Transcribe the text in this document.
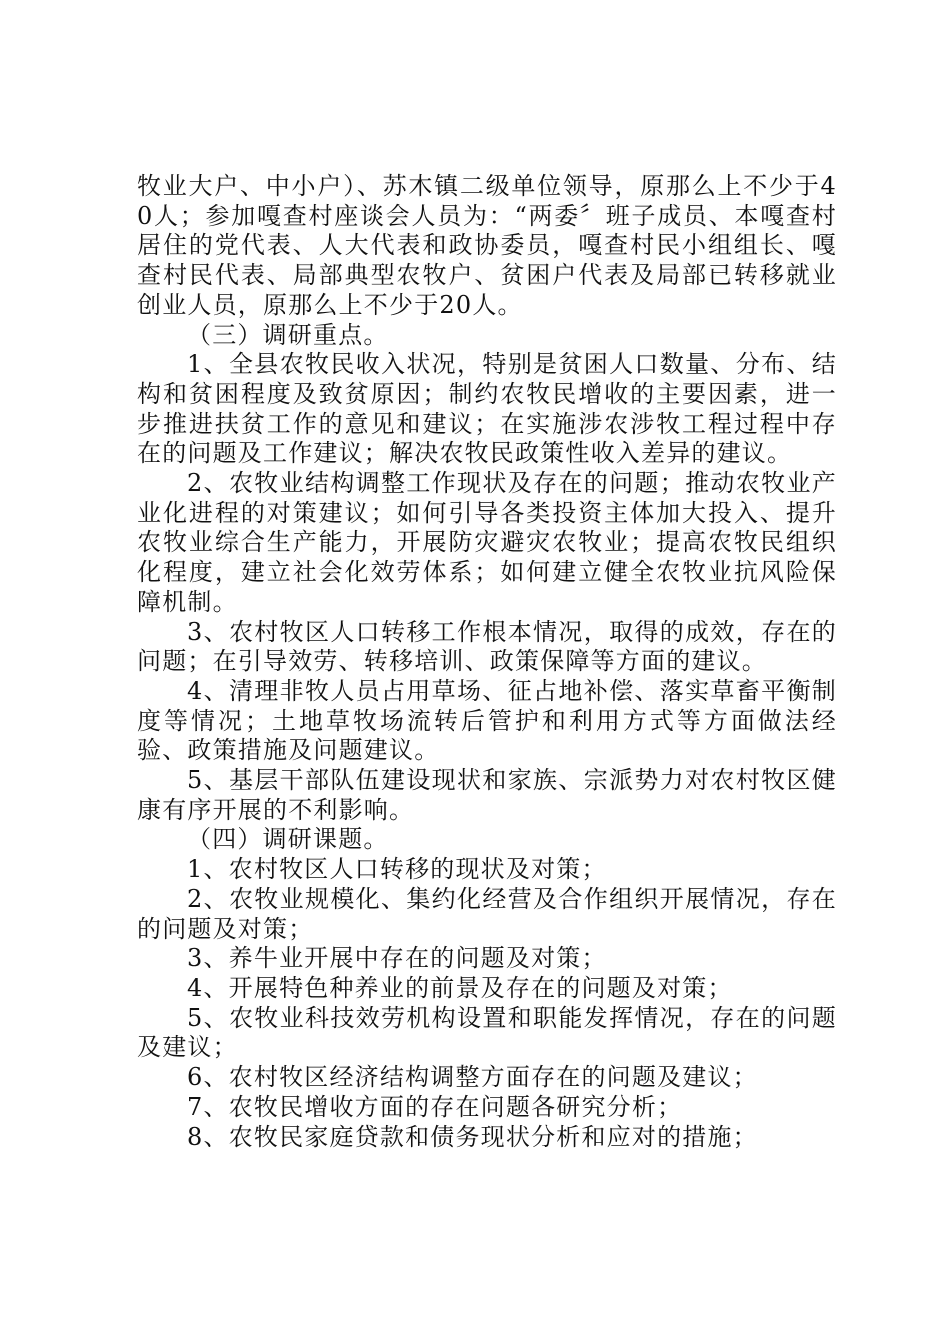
牧业大户、中小户）、苏木镇二级单位领导，原那么上不少于40人；参加嘎查村座谈会人员为：“两委〞班子成员、本嘎查村居住的党代表、人大代表和政协委员，嘎查村民小组组长、嘎查村民代表、局部典型农牧户、贫困户代表及局部已转移就业创业人员，原那么上不少于20人。

（三）调研重点。

1、全县农牧民收入状况，特别是贫困人口数量、分布、结构和贫困程度及致贫原因；制约农牧民增收的主要因素，进一步推进扶贫工作的意见和建议；在实施涉农涉牧工程过程中存在的问题及工作建议；解决农牧民政策性收入差异的建议。

2、农牧业结构调整工作现状及存在的问题；推动农牧业产业化进程的对策建议；如何引导各类投资主体加大投入、提升农牧业综合生产能力，开展防灾避灾农牧业；提高农牧民组织化程度，建立社会化效劳体系；如何建立健全农牧业抗风险保障机制。

3、农村牧区人口转移工作根本情况，取得的成效，存在的问题；在引导效劳、转移培训、政策保障等方面的建议。

4、清理非牧人员占用草场、征占地补偿、落实草畜平衡制度等情况；土地草牧场流转后管护和利用方式等方面做法经验、政策措施及问题建议。

5、基层干部队伍建设现状和家族、宗派势力对农村牧区健康有序开展的不利影响。

（四）调研课题。

1、农村牧区人口转移的现状及对策；

2、农牧业规模化、集约化经营及合作组织开展情况，存在的问题及对策；

3、养牛业开展中存在的问题及对策；

4、开展特色种养业的前景及存在的问题及对策；

5、农牧业科技效劳机构设置和职能发挥情况，存在的问题及建议；

6、农村牧区经济结构调整方面存在的问题及建议；

7、农牧民增收方面的存在问题各研究分析；

8、农牧民家庭贷款和债务现状分析和应对的措施；
